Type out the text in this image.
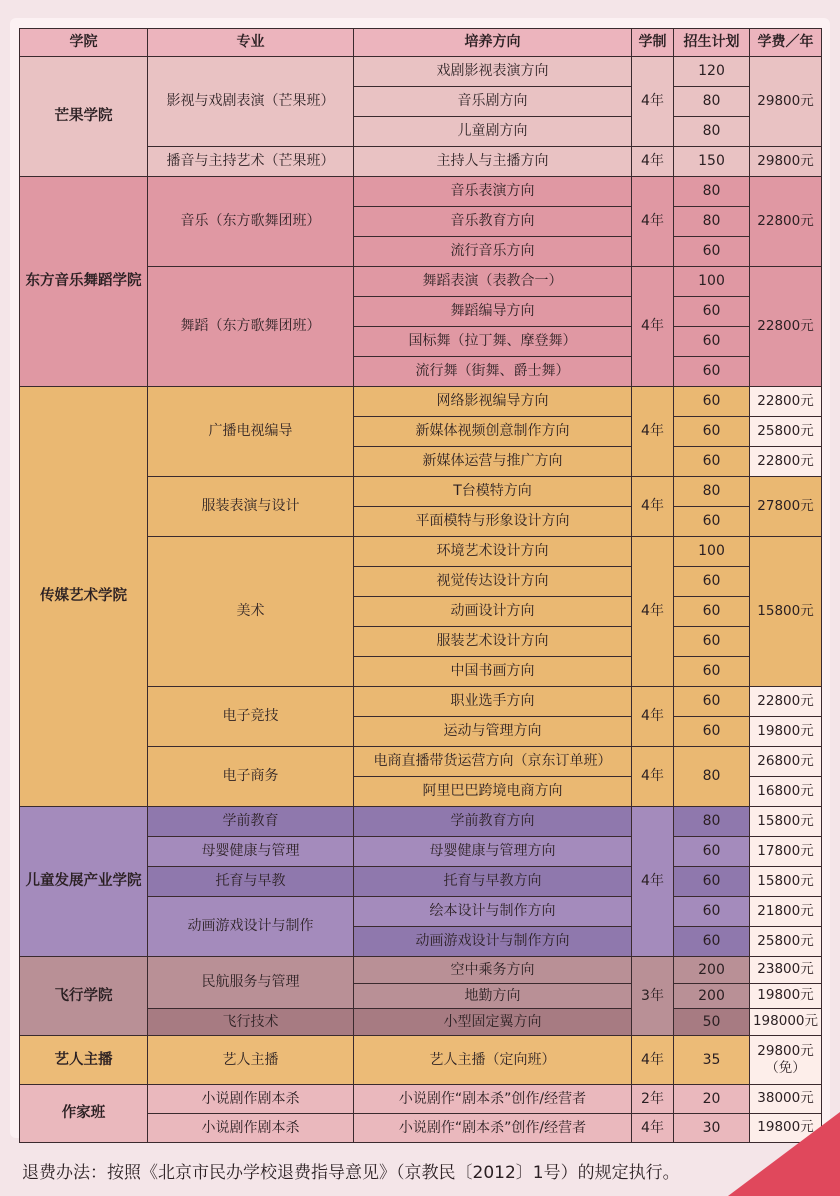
学院	专业	培养方向	学制	招生计划	学费／年
芒果学院	影视与戏剧表演（芒果班）	戏剧影视表演方向	4年	120	29800元
		音乐剧方向		80	
		儿童剧方向		80	
	播音与主持艺术（芒果班）	主持人与主播方向	4年	150	29800元
东方音乐舞蹈学院	音乐（东方歌舞团班）	音乐表演方向	4年	80	22800元
		音乐教育方向		80	
		流行音乐方向		60	
	舞蹈（东方歌舞团班）	舞蹈表演（表教合一）	4年	100	22800元
		舞蹈编导方向		60	
		国标舞（拉丁舞、摩登舞）		60	
		流行舞（街舞、爵士舞）		60	
传媒艺术学院	广播电视编导	网络影视编导方向	4年	60	22800元
		新媒体视频创意制作方向		60	25800元
		新媒体运营与推广方向		60	22800元
	服装表演与设计	T台模特方向	4年	80	27800元
		平面模特与形象设计方向		60	
	美术	环境艺术设计方向	4年	100	15800元
		视觉传达设计方向		60	
		动画设计方向		60	
		服装艺术设计方向		60	
		中国书画方向		60	
	电子竞技	职业选手方向	4年	60	22800元
		运动与管理方向		60	19800元
	电子商务	电商直播带货运营方向（京东订单班）	4年	80	26800元
		阿里巴巴跨境电商方向			16800元
儿童发展产业学院	学前教育	学前教育方向	4年	80	15800元
	母婴健康与管理	母婴健康与管理方向		60	17800元
	托育与早教	托育与早教方向		60	15800元
	动画游戏设计与制作	绘本设计与制作方向		60	21800元
		动画游戏设计与制作方向		60	25800元
飞行学院	民航服务与管理	空中乘务方向	3年	200	23800元
		地勤方向		200	19800元
	飞行技术	小型固定翼方向		50	198000元
艺人主播	艺人主播	艺人主播（定向班）	4年	35	29800元（免）
作家班	小说剧作剧本杀	小说剧作“剧本杀”创作/经营者	2年	20	38000元
	小说剧作剧本杀	小说剧作“剧本杀”创作/经营者	4年	30	19800元
退费办法：按照《北京市民办学校退费指导意见》（京教民〔2012〕1号）的规定执行。
